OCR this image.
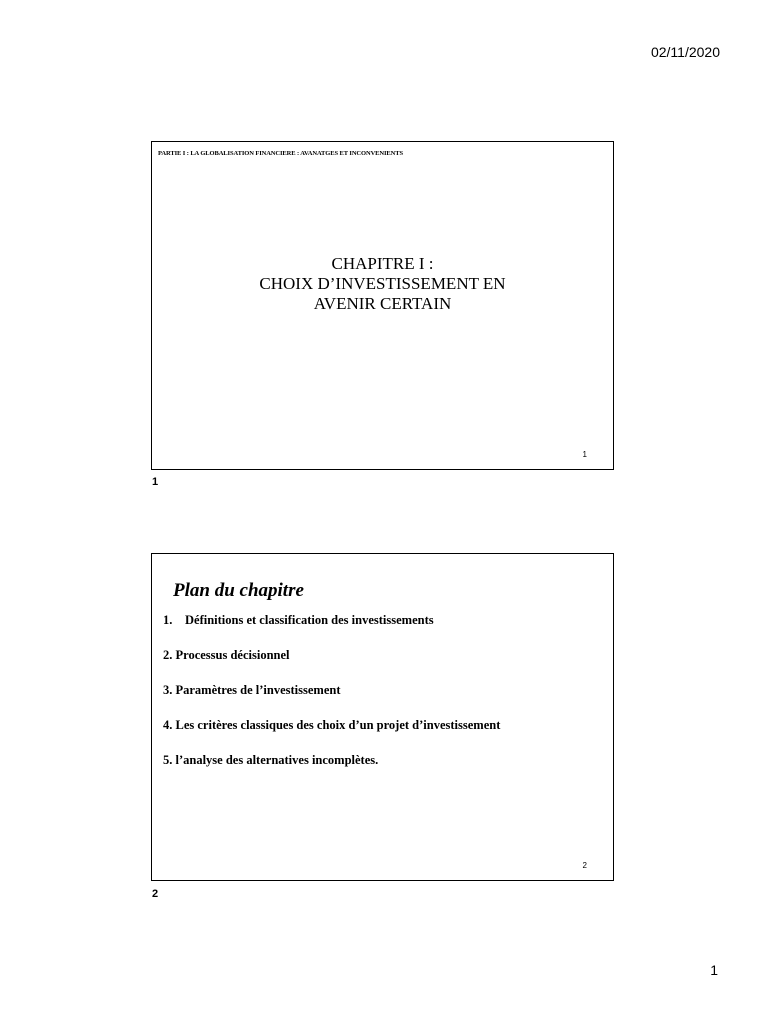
02/11/2020
PARTIE I : LA GLOBALISATION FINANCIERE : AVANATGES ET INCONVENIENTS
CHAPITRE I :
CHOIX D’INVESTISSEMENT EN
AVENIR CERTAIN
1
1
Plan du chapitre
1. Définitions et classification des investissements
2. Processus décisionnel
3. Paramètres de l’investissement
4. Les critères classiques des choix d’un projet d’investissement
5. l’analyse des alternatives incomplètes.
2
2
1
